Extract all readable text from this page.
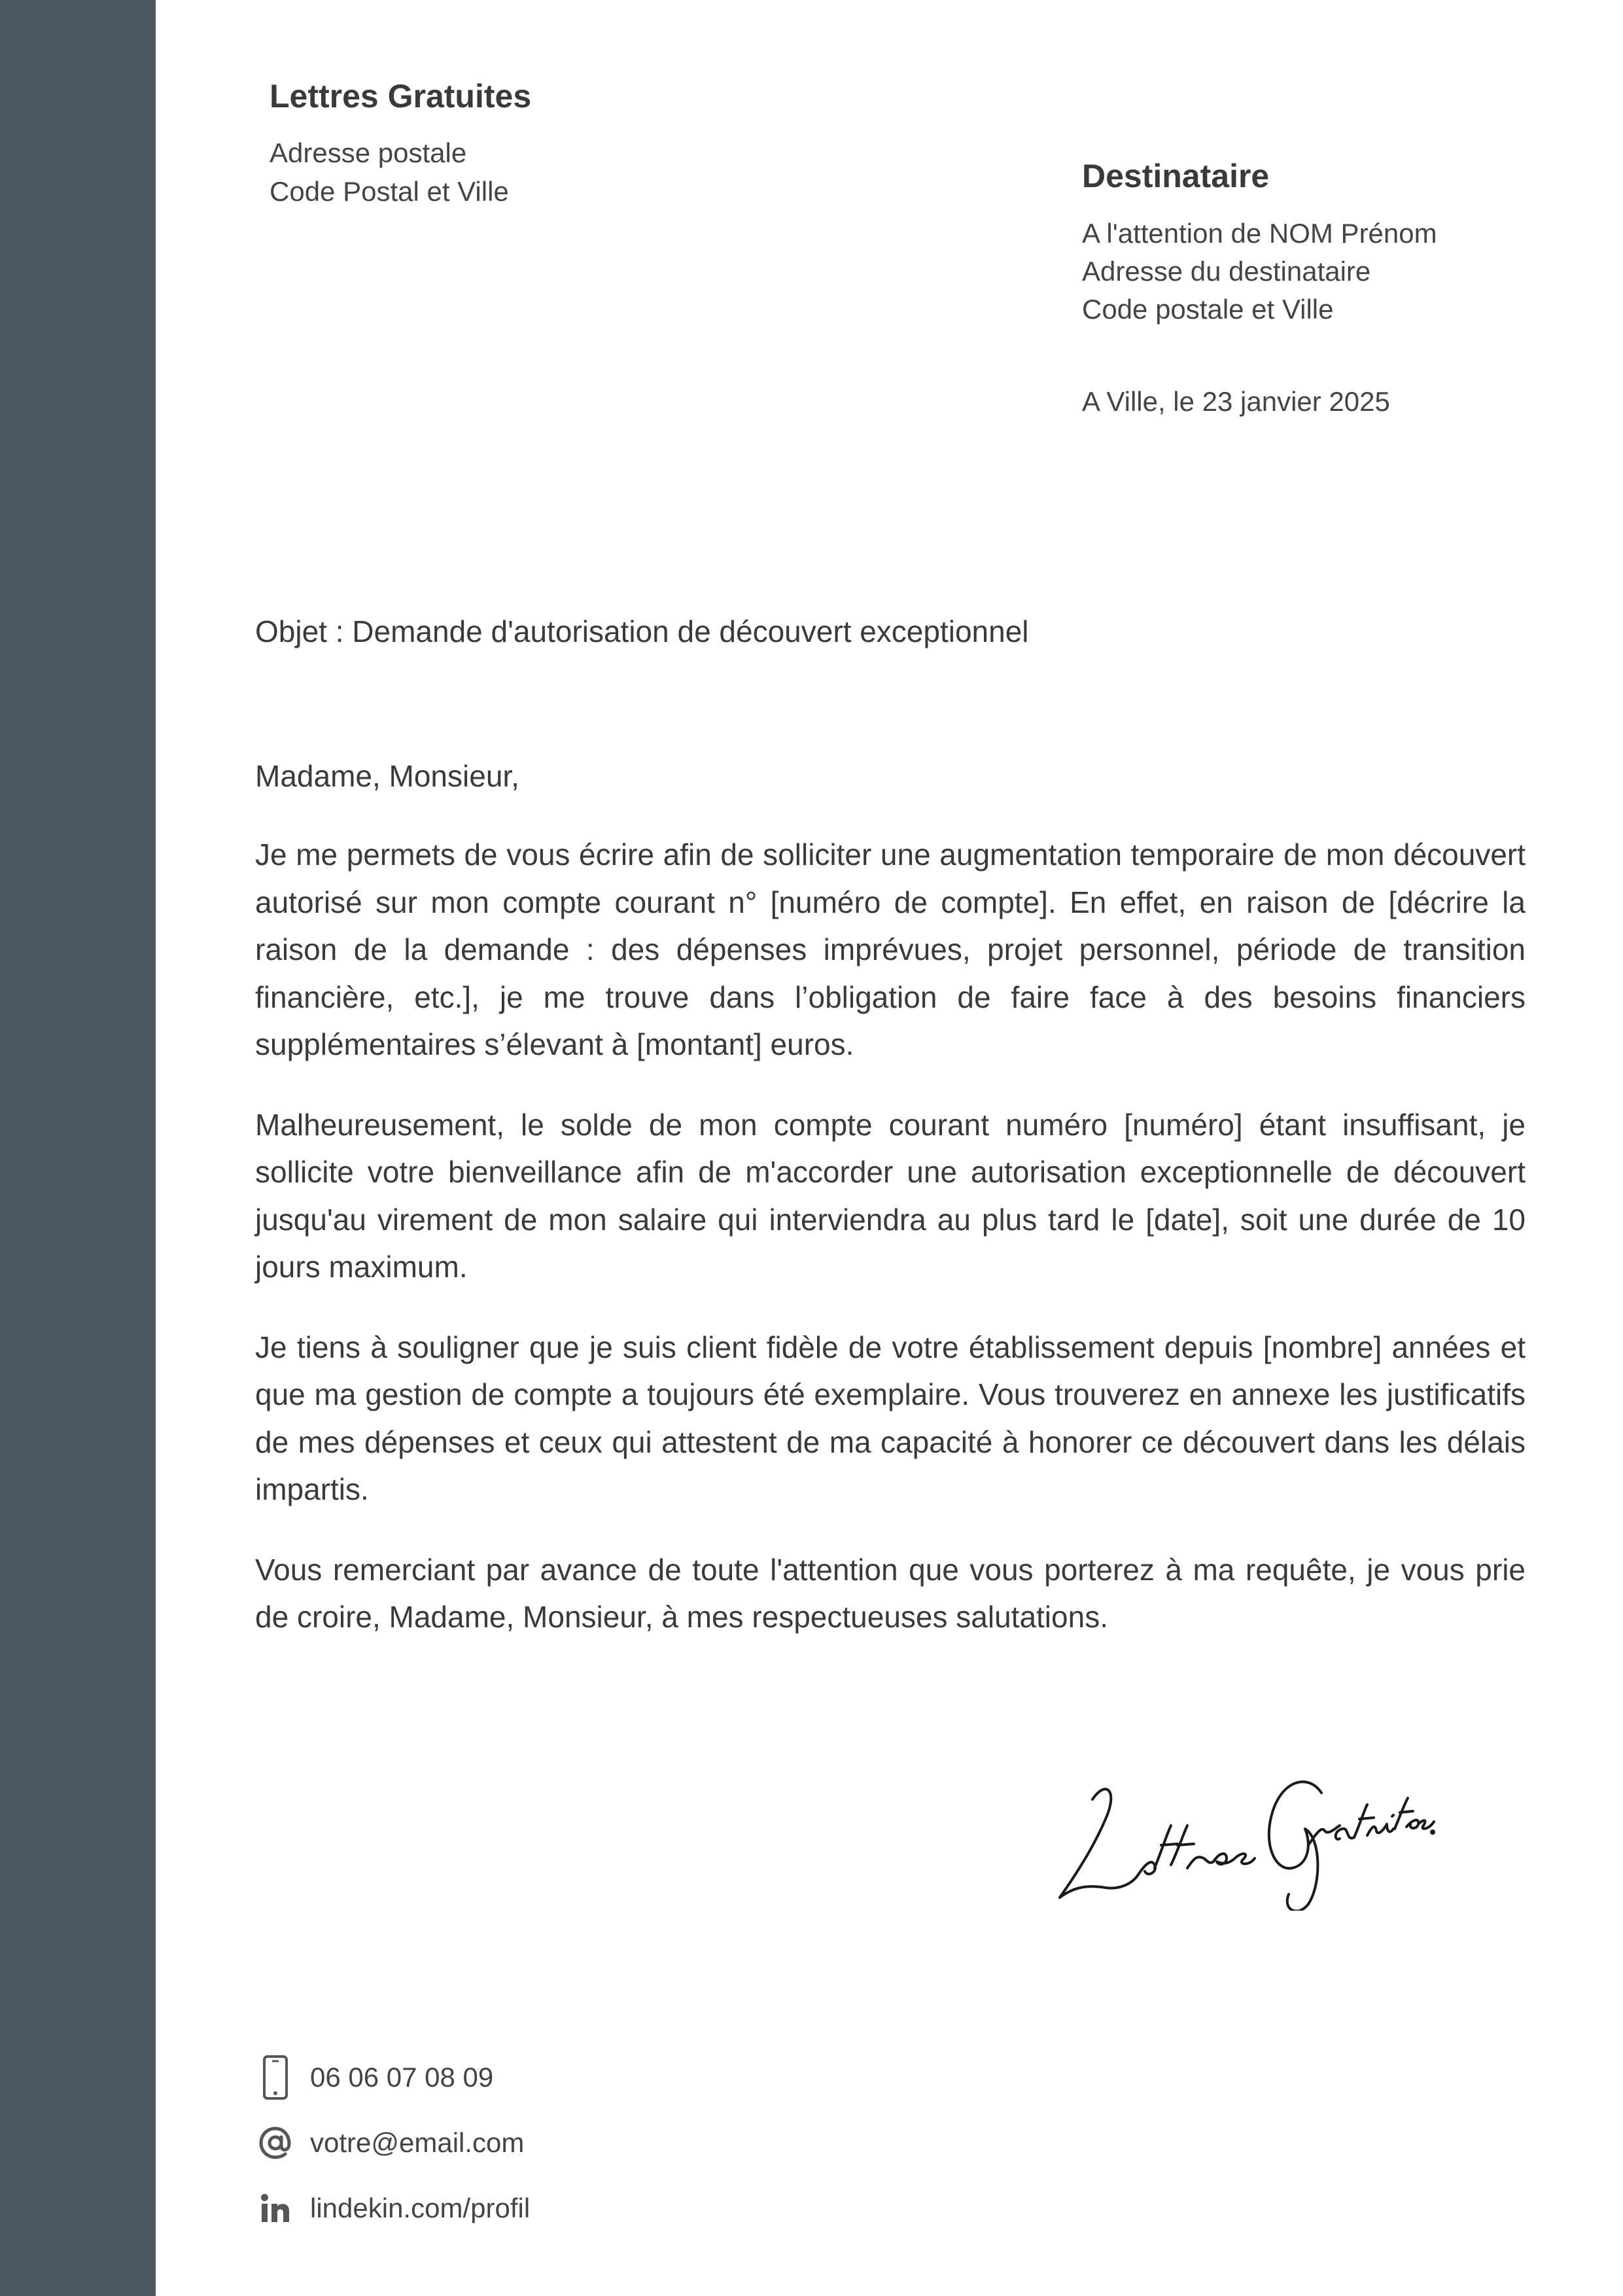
Lettres Gratuites
Adresse postale
Code Postal et Ville	Destinataire
A l'attention de NOM Prénom
Adresse du destinataire
Code postale et Ville
A Ville, le 23 janvier 2025
Objet : Demande d'autorisation de découvert exceptionnel
Madame, Monsieur,

Je me permets de vous écrire afin de solliciter une augmentation temporaire de mon découvert autorisé sur mon compte courant n° [numéro de compte]. En effet, en raison de [décrire la raison de la demande : des dépenses imprévues, projet personnel, période de transition financière, etc.], je me trouve dans l’obligation de faire face à des besoins financiers supplémentaires s’élevant à [montant] euros.

Malheureusement, le solde de mon compte courant numéro [numéro] étant insuffisant, je sollicite votre bienveillance afin de m'accorder une autorisation exceptionnelle de découvert jusqu'au virement de mon salaire qui interviendra au plus tard le [date], soit une durée de 10 jours maximum.

Je tiens à souligner que je suis client fidèle de votre établissement depuis [nombre] années et que ma gestion de compte a toujours été exemplaire. Vous trouverez en annexe les justificatifs de mes dépenses et ceux qui attestent de ma capacité à honorer ce découvert dans les délais impartis.

Vous remerciant par avance de toute l'attention que vous porterez à ma requête, je vous prie de croire, Madame, Monsieur, à mes respectueuses salutations.

06 06 07 08 09
votre@email.com
lindekin.com/profil
